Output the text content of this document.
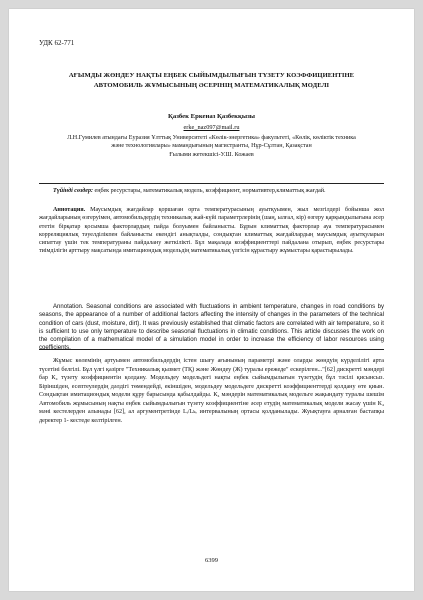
УДК 62-771
АҒЫМДЫ ЖӨНДЕУ НАҚТЫ ЕҢБЕК СЫЙЫМДЫЛЫҒЫН ТҮЗЕТУ КОЭФФИЦИЕНТІНЕ АВТОМОБИЛЬ ЖҰМЫСЫНЫҢ ӘСЕРІНІҢ МАТЕМАТИКАЛЫҚ МОДЕЛІ
Қазбек Еркеназ Қазбекқызы
erke_naz097@mail.ru
Л.Н.Гумилев атындағы Еуразия Ұлттық Университеті «Көлік-энергетика» факультеті, «Көлік, көліктік техника және технологиялары» мамандығының магистранты, Нұр-Сұлтан, Қазақстан
Ғылыми жетекшісі-У.Ш. Кожаев
Түйінді сөздер: еңбек ресурстары, математикалық модель, коэффициент, нормативтер,климаттық жағдай.
Аннотация. Маусымдық жағдайлар қоршаған орта температурасының ауытқуымен, жыл мезгілдері бойынша жол жағдайларының өзгеруімен, автомобильдердің техникалық жай-күйі параметрлерінің (шаң, ылғал, кір) өзгеру қарқындылығына әсер ететін бірқатар қосымша факторлардың пайда болуымен байланысты. Бұрын климаттық факторлар ауа температурасымен корреляциялық тәуелділікпен байланысты екендігі анықталды, сондықтан климаттық жағдайлардың маусымдық ауытқуларын сипаттау үшін тек температураны пайдалану жеткілікті. Бұл мақалада коэффициенттері пайдалана отырып, еңбек ресурстары тиімділігін арттыру мақсатында имитациондық модельдің математикалық үлгісін құрастыру жұмыстары қарастырылады.
Annotation. Seasonal conditions are associated with fluctuations in ambient temperature, changes in road conditions by seasons, the appearance of a number of additional factors affecting the intensity of changes in the parameters of the technical condition of cars (dust, moisture, dirt). It was previously established that climatic factors are correlated with air temperature, so it is sufficient to use only temperature to describe seasonal fluctuations in climatic conditions. This article discusses the work on the compilation of a mathematical model of a simulation model in order to increase the efficiency of labor resources using coefficients.
Жұмыс көлемінің артуымен автомобильдердің істен шығу ағынының параметрі және оларды жөндуің күрделілігі арта түсетіні белгілі. Бұл үлгі қазірге "Техникалық қызмет (ТҚ) және Жөндеу (Ж) туралы ережеде" ескерілген..."[62] дискретті мәндері бар К₄ түзету коэффициентін қолдану. Модельдеу модельдегі нақты еңбек сыйымдылығын түзетудің бұл тәсілі қисынсыз. Біріншіден, есептеулердің дәлдігі төмендейді, екіншіден, модельдеу модельдеге дискретті коэффициенттерді қолдану өте қиын. Сондықтан имитациондық модели құру барысында қабылдайды. К₄ мәндерін математикалық модельге жақындату туралы шешім Автомобиль жұмысының нақты еңбек сыйымдылығын түзету коэффициентіне әсер етудің математикалық модели жасау үшін К₄ мәні кестелерден алынады [62], ал аргументретінде Lᵢ/Lₖᵣ интервалының ортасы қолданылады. Жуықтауға арналған бастапқы деректер 1- кестеде келтірілген.
6399
